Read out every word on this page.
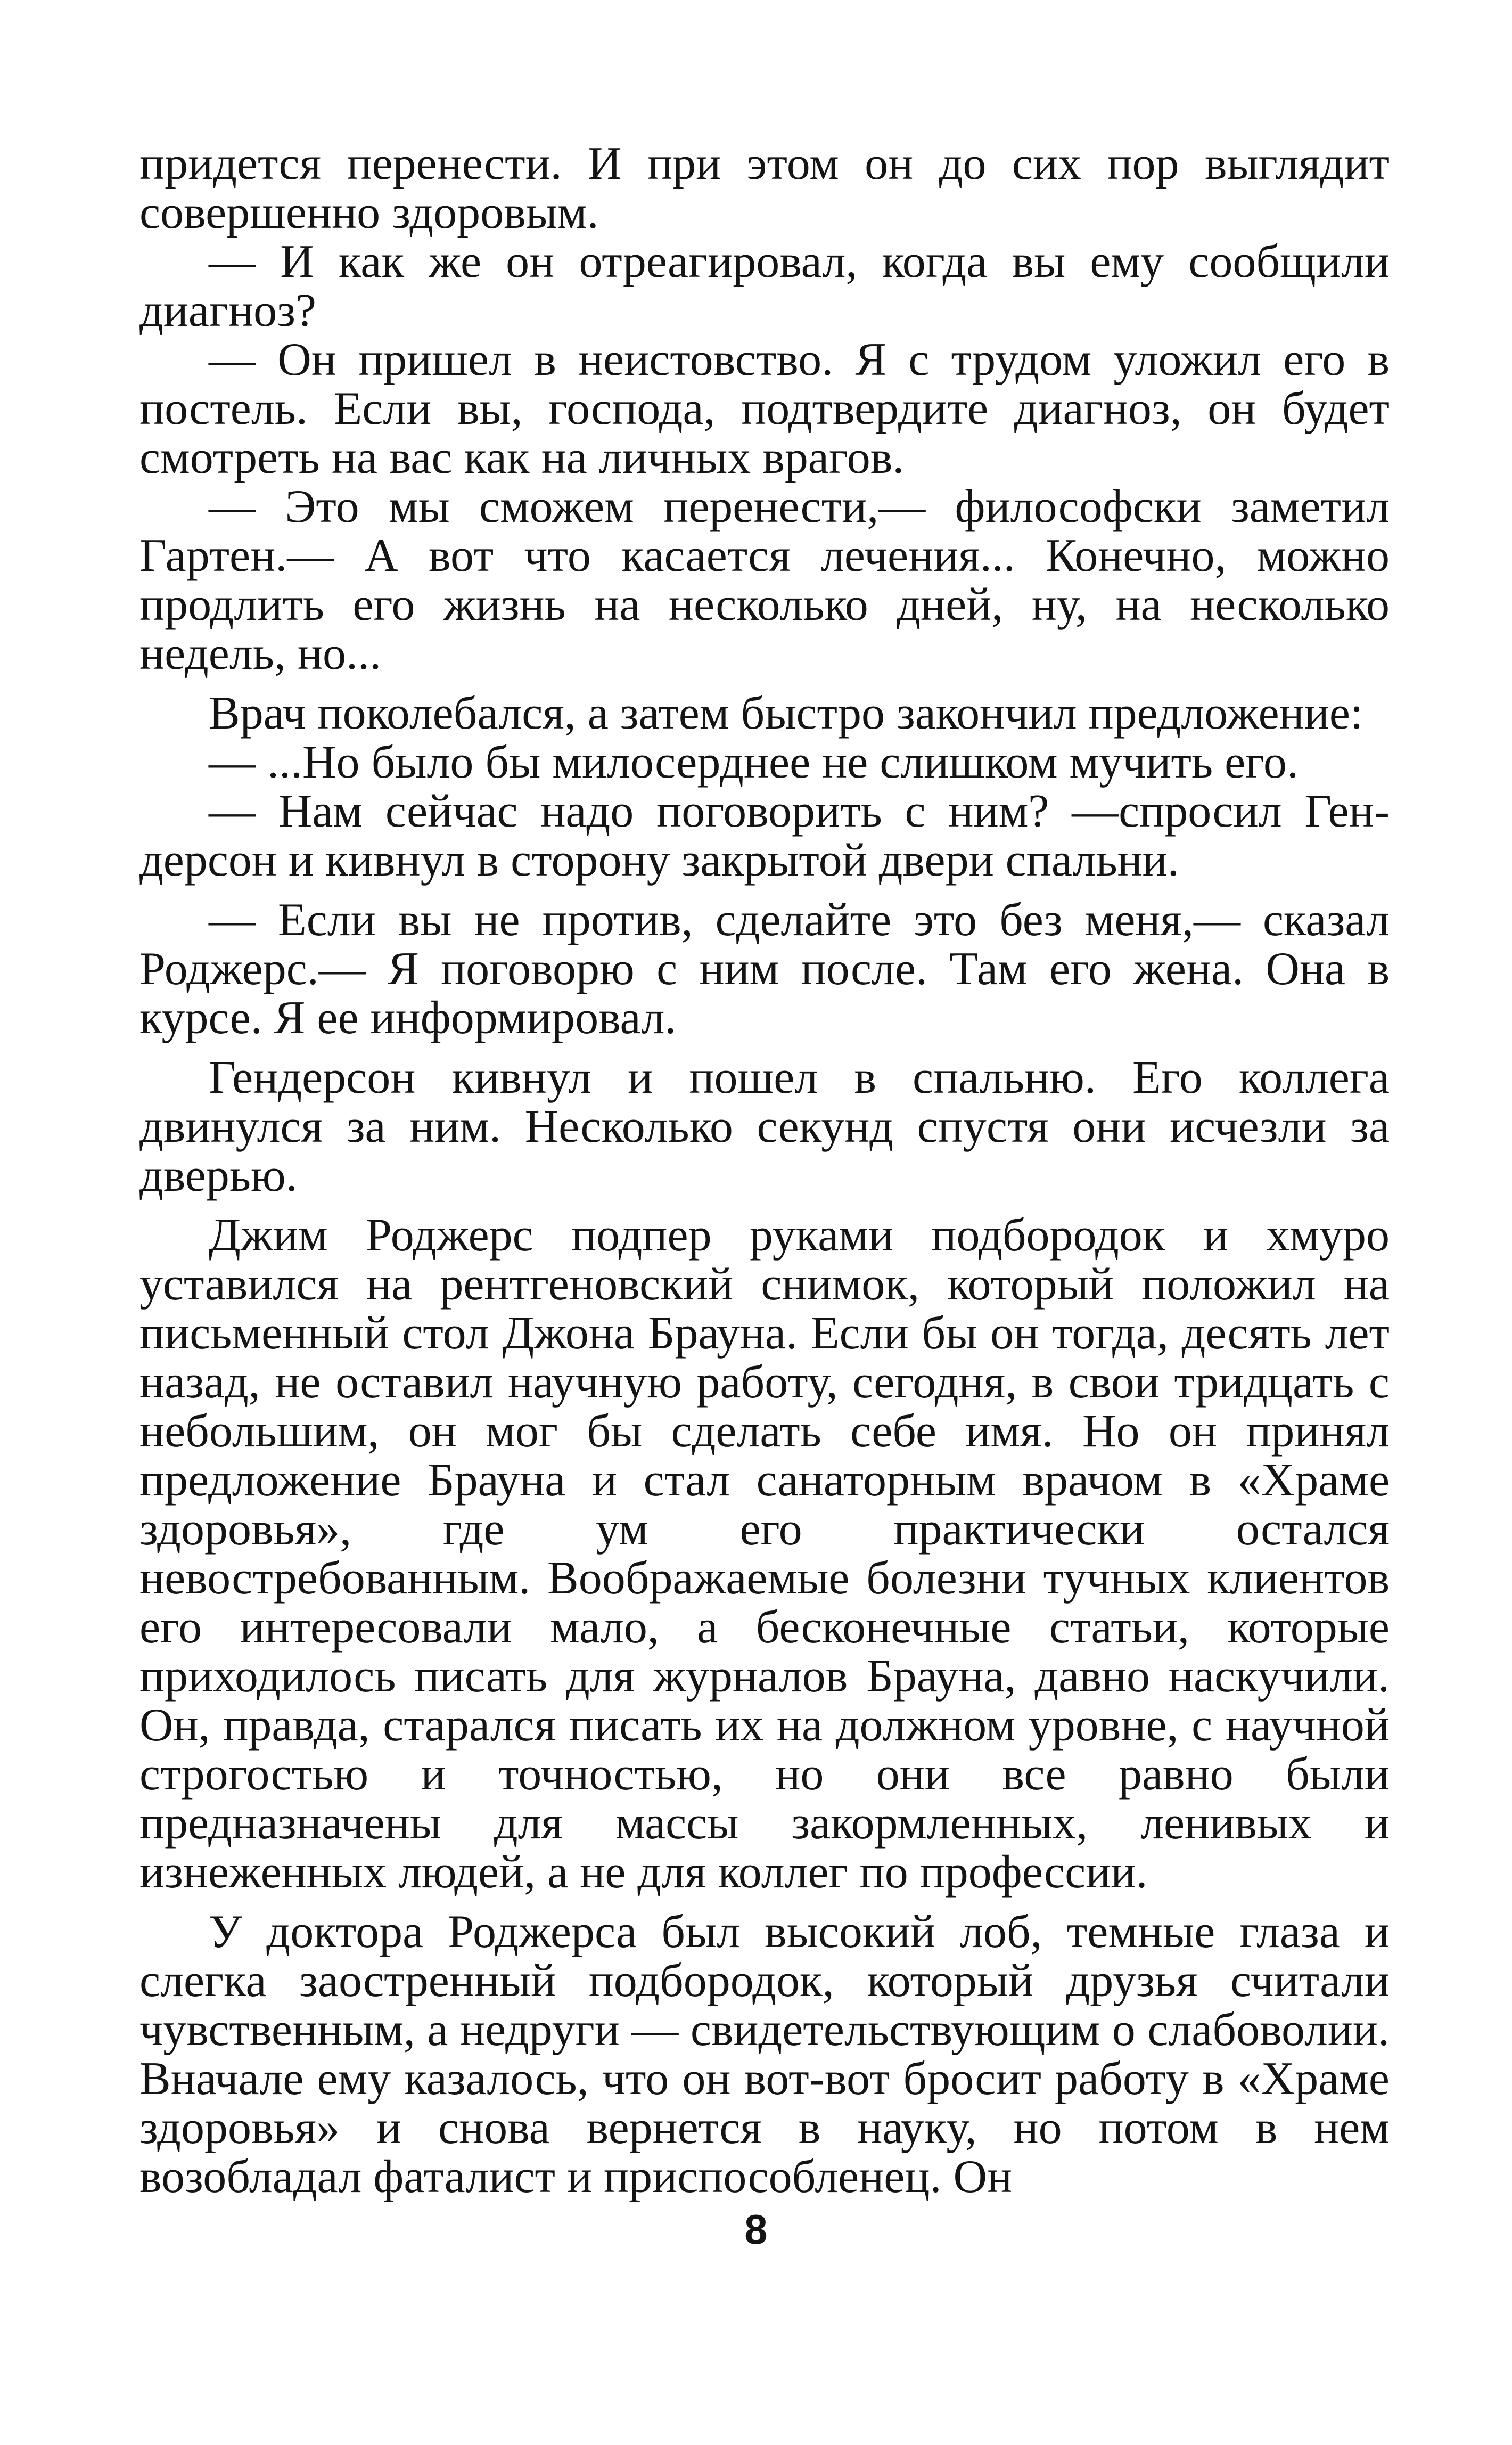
придется перенести. И при этом он до сих пор выглядит совершенно здоровым.

— И как же он отреагировал, когда вы ему сообщили диагноз?

— Он пришел в неистовство. Я с трудом уложил его в постель. Если вы, господа, подтвердите диагноз, он будет смотреть на вас как на личных врагов.

— Это мы сможем перенести,— философски заметил Гартен.— А вот что касается лечения... Конечно, можно продлить его жизнь на несколько дней, ну, на несколько недель, но...

Врач поколебался, а затем быстро закончил предложение:

— ...Но было бы милосерднее не слишком мучить его.

— Нам сейчас надо поговорить с ним? —спросил Гендерсон и кивнул в сторону закрытой двери спальни.

— Если вы не против, сделайте это без меня,— сказал Роджерс.— Я поговорю с ним после. Там его жена. Она в курсе. Я ее информировал.

Гендерсон кивнул и пошел в спальню. Его коллега двинулся за ним. Несколько секунд спустя они исчезли за дверью.

Джим Роджерс подпер руками подбородок и хмуро уставился на рентгеновский снимок, который положил на письменный стол Джона Брауна. Если бы он тогда, десять лет назад, не оставил научную работу, сегодня, в свои тридцать с небольшим, он мог бы сделать себе имя. Но он принял предложение Брауна и стал санаторным врачом в «Храме здоровья», где ум его практически остался невостребованным. Воображаемые болезни тучных клиентов его интересовали мало, а бесконечные статьи, которые приходилось писать для журналов Брауна, давно наскучили. Он, правда, старался писать их на должном уровне, с научной строгостью и точностью, но они все равно были предназначены для массы закормленных, ленивых и изнеженных людей, а не для коллег по профессии.

У доктора Роджерса был высокий лоб, темные глаза и слегка заостренный подбородок, который друзья считали чувственным, а недруги — свидетельствующим о слабоволии. Вначале ему казалось, что он вот-вот бросит работу в «Храме здоровья» и снова вернется в науку, но потом в нем возобладал фаталист и приспособленец. Он

8
